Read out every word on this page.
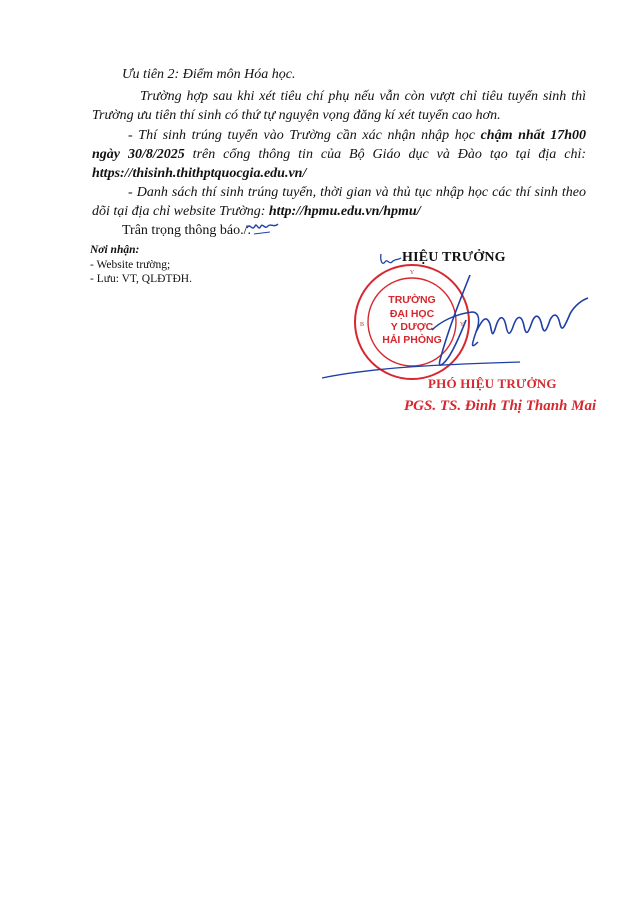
Ưu tiên 2: Điểm môn Hóa học.
Trường hợp sau khi xét tiêu chí phụ nếu vẫn còn vượt chỉ tiêu tuyển sinh thì
Trường ưu tiên thí sinh có thứ tự nguyện vọng đăng kí xét tuyển cao hơn.
- Thí sinh trúng tuyển vào Trường cần xác nhận nhập học chậm nhất 17h00
ngày 30/8/2025 trên cổng thông tin của Bộ Giáo dục và Đào tạo tại địa chỉ:
https://thisinh.thithptquocgia.edu.vn/
- Danh sách thí sinh trúng tuyển, thời gian và thủ tục nhập học các thí sinh theo
dõi tại địa chỉ website Trường: http://hpmu.edu.vn/hpmu/
Trân trọng thông báo./.
Nơi nhận:
- Website trường;
- Lưu: VT, QLĐTĐH.
HIỆU TRƯỞNG
Y
B	Y
TRƯỜNG
ĐẠI HỌC
Y DƯỢC
HẢI PHÒNG
PHÓ HIỆU TRƯỞNG
PGS. TS. Đinh Thị Thanh Mai
